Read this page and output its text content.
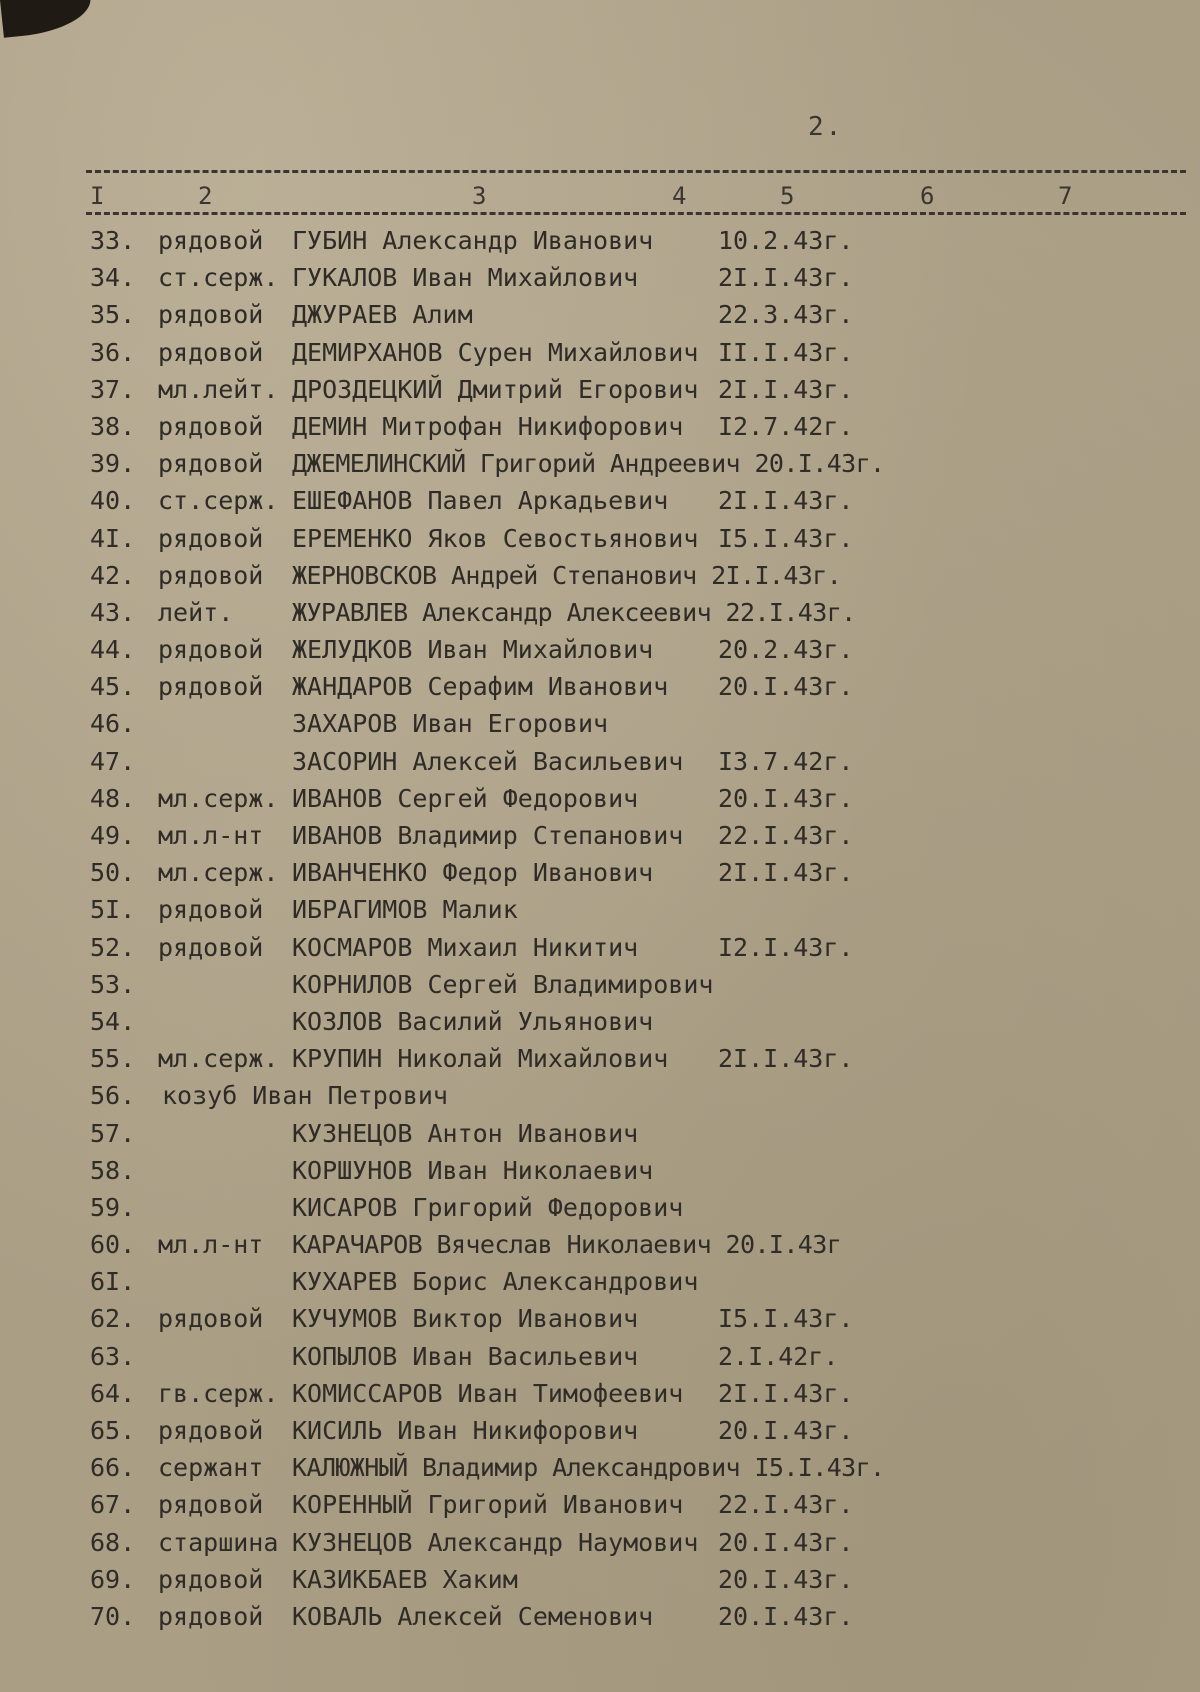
2.
I	2	3	4	5	6	7
33. рядовой	ГУБИН Александр Иванович	10.2.43г.
34. ст.серж. ГУКАЛОВ Иван Михайлович	2I.I.43г.
35. рядовой	ДЖУРАЕВ Алим	22.3.43г.
36. рядовой	ДЕМИРХАНОВ Сурен Михайлович II.I.43г.
37. мл.лейт. ДРОЗДЕЦКИЙ Дмитрий Егорович 2I.I.43г.
38. рядовой	ДЕМИН Митрофан Никифорович I2.7.42г.
39. рядовой	ДЖЕМЕЛИНСКИЙ Григорий Андреевич 20.I.43г.
40. ст.серж. ЕШЕФАНОВ Павел Аркадьевич 2I.I.43г.
4I. рядовой	ЕРЕМЕНКО Яков Севостьянович I5.I.43г.
42. рядовой	ЖЕРНОВСКОВ Андрей Степанович 2I.I.43г.
43. лейт.	ЖУРАВЛЕВ Александр Алексеевич 22.I.43г.
44. рядовой	ЖЕЛУДКОВ Иван Михайлович	20.2.43г.
45. рядовой	ЖАНДАРОВ Серафим Иванович 20.I.43г.
46.	ЗАХАРОВ Иван Егорович
47.	ЗАСОРИН Алексей Васильевич I3.7.42г.
48. мл.серж. ИВАНОВ Сергей Федорович	20.I.43г.
49. мл.л-нт	ИВАНОВ Владимир Степанович 22.I.43г.
50. мл.серж. ИВАНЧЕНКО Федор Иванович	2I.I.43г.
5I. рядовой	ИБРАГИМОВ Малик
52. рядовой	КОСМАРОВ Михаил Никитич	I2.I.43г.
53.	КОРНИЛОВ Сергей Владимирович
54.	КОЗЛОВ Василий Ульянович
55. мл.серж. КРУПИН Николай Михайлович 2I.I.43г.
56.	козуб Иван Петрович
57.	КУЗНЕЦОВ Антон Иванович
58.	КОРШУНОВ Иван Николаевич
59.	КИСАРОВ Григорий Федорович
60. мл.л-нт	КАРАЧАРОВ Вячеслав Николаевич 20.I.43г
6I.	КУХАРЕВ Борис Александрович
62. рядовой	КУЧУМОВ Виктор Иванович	I5.I.43г.
63.	КОПЫЛОВ Иван Васильевич	2.I.42г.
64. гв.серж. КОМИССАРОВ Иван Тимофеевич 2I.I.43г.
65. рядовой	КИСИЛЬ Иван Никифорович	20.I.43г.
66. сержант	КАЛЮЖНЫЙ Владимир Александрович I5.I.43г.
67. рядовой	КОРЕННЫЙ Григорий Иванович 22.I.43г.
68. старшина КУЗНЕЦОВ Александр Наумович 20.I.43г.
69. рядовой	КАЗИКБАЕВ Хаким	20.I.43г.
70. рядовой	КОВАЛЬ Алексей Семенович	20.I.43г.
